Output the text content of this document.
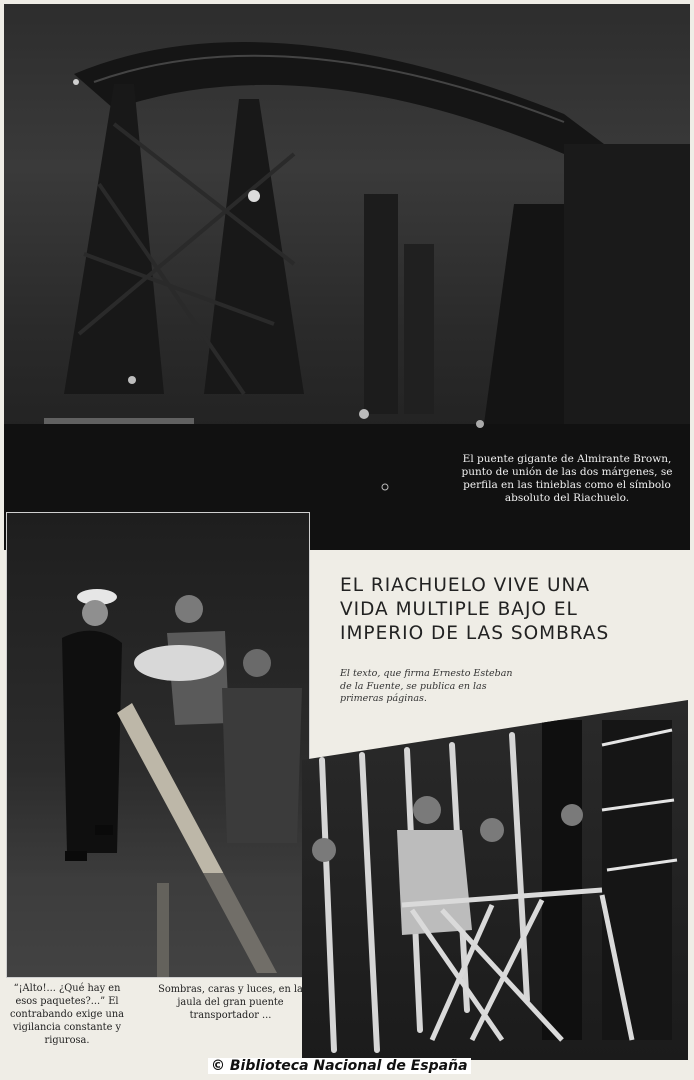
El puente gigante de Almirante Brown, punto de unión de las dos márgenes, se perfila en las tinieblas como el símbolo absoluto del Riachuelo.
EL RIACHUELO VIVE UNA VIDA MULTIPLE BAJO EL IMPERIO DE LAS SOMBRAS
El texto, que firma Ernesto Esteban de la Fuente, se publica en las primeras páginas.
“¡Alto!... ¿Qué hay en esos paquetes?...” El contrabando exige una vigilancia constante y rigurosa.
Sombras, caras y luces, en la jaula del gran puente transportador ...
© Biblioteca Nacional de España
